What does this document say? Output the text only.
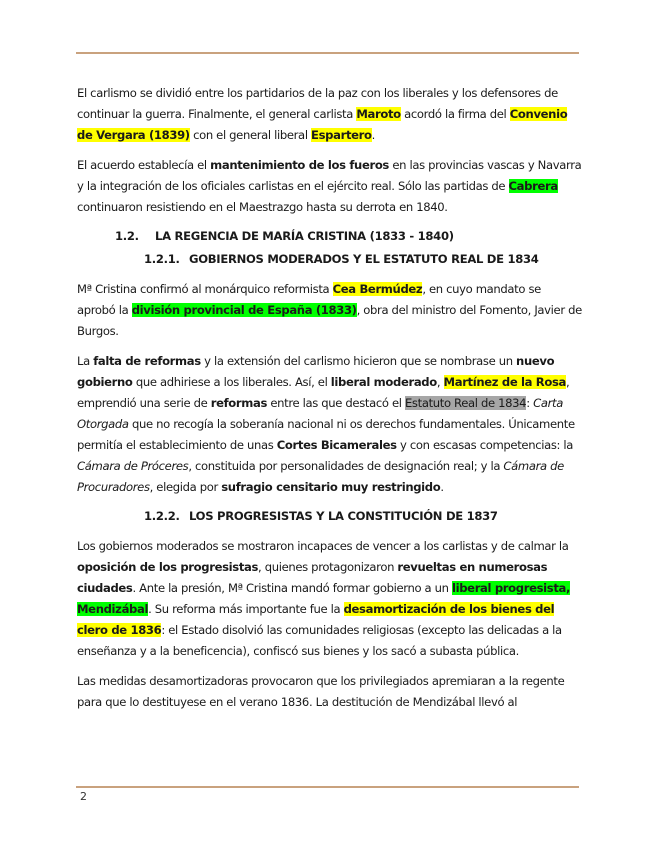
El carlismo se dividió entre los partidarios de la paz con los liberales y los defensores de continuar la guerra. Finalmente, el general carlista Maroto acordó la firma del Convenio de Vergara (1839) con el general liberal Espartero.

El acuerdo establecía el mantenimiento de los fueros en las provincias vascas y Navarra y la integración de los oficiales carlistas en el ejército real. Sólo las partidas de Cabrera continuaron resistiendo en el Maestrazgo hasta su derrota en 1840.

1.2. LA REGENCIA DE MARÍA CRISTINA (1833 - 1840)
1.2.1. GOBIERNOS MODERADOS Y EL ESTATUTO REAL DE 1834

Mª Cristina confirmó al monárquico reformista Cea Bermúdez, en cuyo mandato se aprobó la división provincial de España (1833), obra del ministro del Fomento, Javier de Burgos.

La falta de reformas y la extensión del carlismo hicieron que se nombrase un nuevo gobierno que adhiriese a los liberales. Así, el liberal moderado, Martínez de la Rosa, emprendió una serie de reformas entre las que destacó el Estatuto Real de 1834: Carta Otorgada que no recogía la soberanía nacional ni os derechos fundamentales. Únicamente permitía el establecimiento de unas Cortes Bicamerales y con escasas competencias: la Cámara de Próceres, constituida por personalidades de designación real; y la Cámara de Procuradores, elegida por sufragio censitario muy restringido.

1.2.2. LOS PROGRESISTAS Y LA CONSTITUCIÓN DE 1837

Los gobiernos moderados se mostraron incapaces de vencer a los carlistas y de calmar la oposición de los progresistas, quienes protagonizaron revueltas en numerosas ciudades. Ante la presión, Mª Cristina mandó formar gobierno a un liberal progresista, Mendizábal. Su reforma más importante fue la desamortización de los bienes del clero de 1836: el Estado disolvió las comunidades religiosas (excepto las delicadas a la enseñanza y a la beneficencia), confiscó sus bienes y los sacó a subasta pública.

Las medidas desamortizadoras provocaron que los privilegiados apremiaran a la regente para que lo destituyese en el verano 1836. La destitución de Mendizábal llevó al

2
